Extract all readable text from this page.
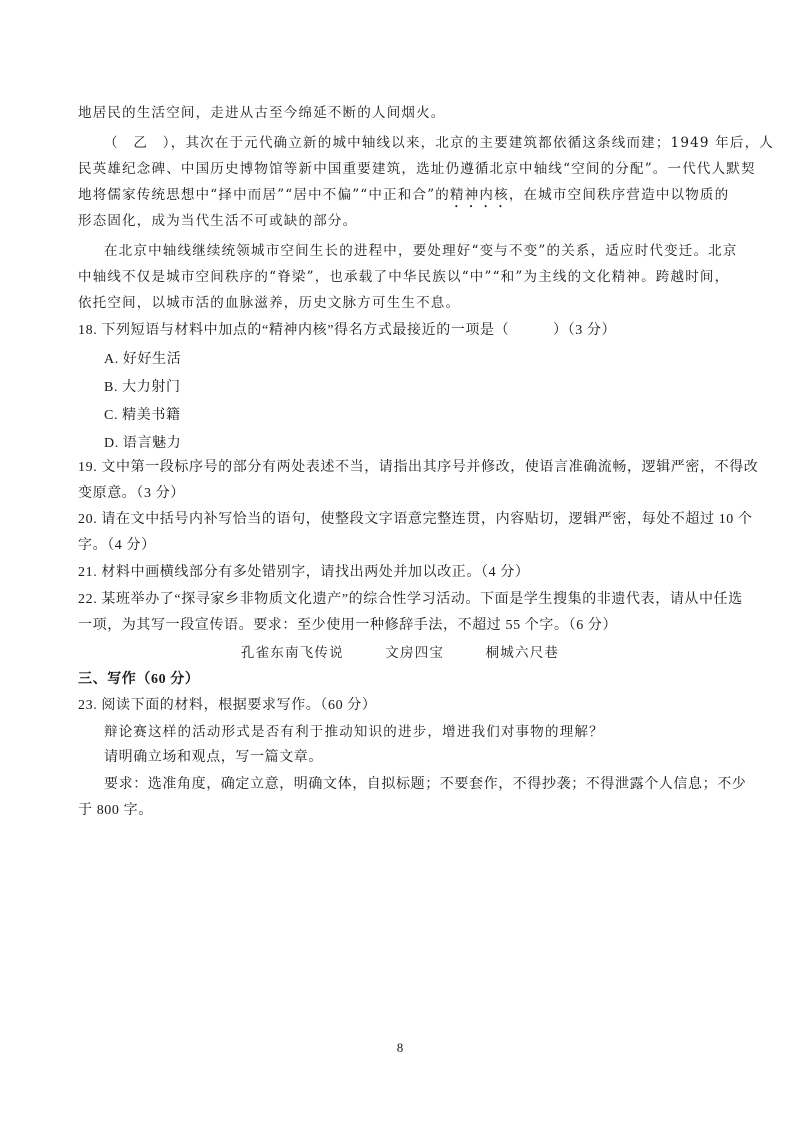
地居民的生活空间，走进从古至今绵延不断的人间烟火。
（　乙　），其次在于元代确立新的城中轴线以来，北京的主要建筑都依循这条线而建；1949 年后，人
民英雄纪念碑、中国历史博物馆等新中国重要建筑，选址仍遵循北京中轴线“空间的分配”。一代代人默契
地将儒家传统思想中“择中而居”“居中不偏”“中正和合”的精神内核，在城市空间秩序营造中以物质的
形态固化，成为当代生活不可或缺的部分。
在北京中轴线继续统领城市空间生长的进程中，要处理好“变与不变”的关系，适应时代变迁。北京
中轴线不仅是城市空间秩序的“脊梁”，也承载了中华民族以“中”“和”为主线的文化精神。跨越时间，
依托空间，以城市活的血脉滋养，历史文脉方可生生不息。
18. 下列短语与材料中加点的“精神内核”得名方式最接近的一项是（　　　）（3 分）
A. 好好生活
B. 大力射门
C. 精美书籍
D. 语言魅力
19. 文中第一段标序号的部分有两处表述不当，请指出其序号并修改，使语言准确流畅，逻辑严密，不得改
变原意。（3 分）
20. 请在文中括号内补写恰当的语句，使整段文字语意完整连贯，内容贴切，逻辑严密，每处不超过 10 个
字。（4 分）
21. 材料中画横线部分有多处错别字，请找出两处并加以改正。（4 分）
22. 某班举办了“探寻家乡非物质文化遗产”的综合性学习活动。下面是学生搜集的非遗代表，请从中任选
一项，为其写一段宣传语。要求：至少使用一种修辞手法，不超过 55 个字。（6 分）
孔雀东南飞传说	文房四宝	桐城六尺巷
三、写作（60 分）
23. 阅读下面的材料，根据要求写作。（60 分）
辩论赛这样的活动形式是否有利于推动知识的进步，增进我们对事物的理解？
请明确立场和观点，写一篇文章。
要求：选准角度，确定立意，明确文体，自拟标题；不要套作，不得抄袭；不得泄露个人信息；不少
于 800 字。
8
